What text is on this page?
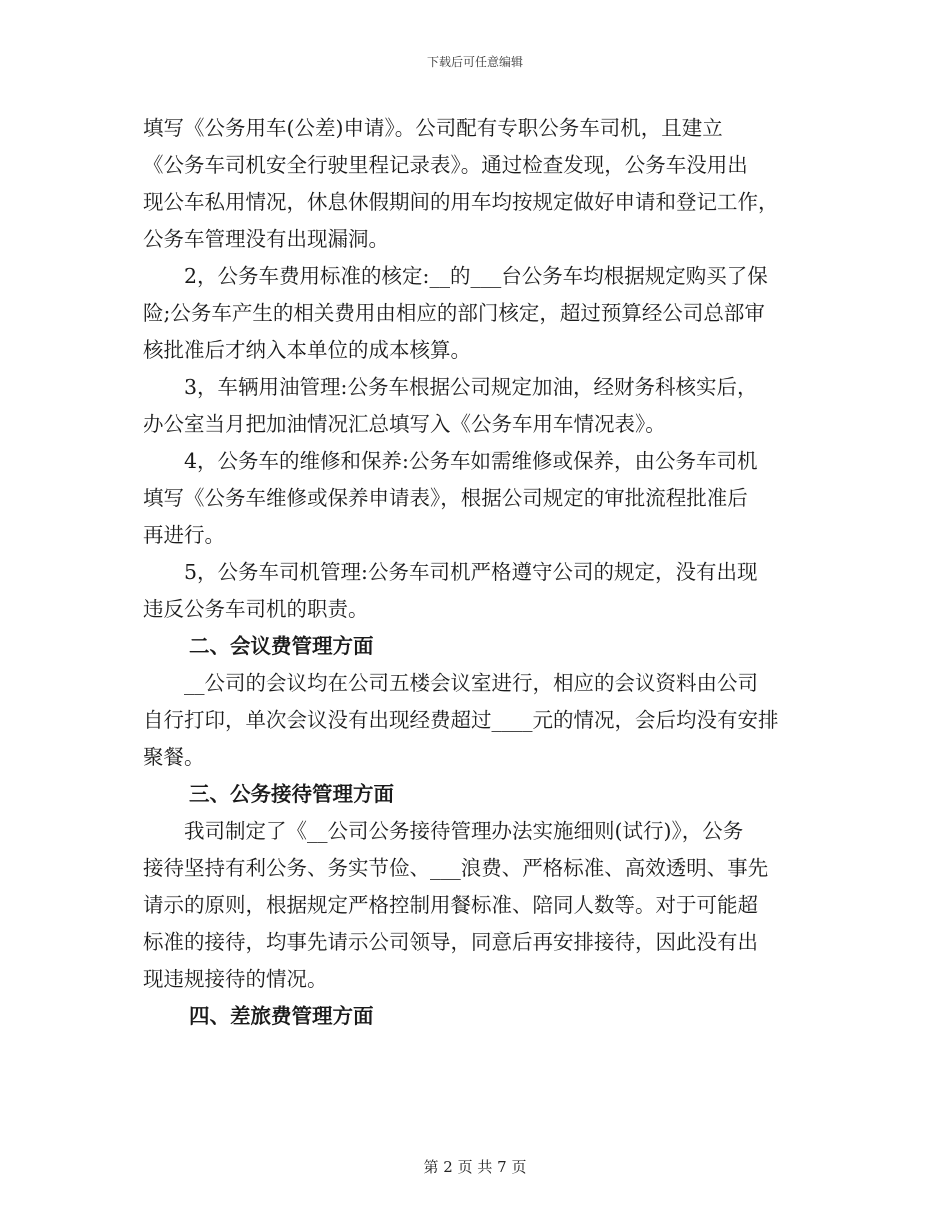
下载后可任意编辑
填写《公务用车(公差)申请》。公司配有专职公务车司机，且建立
《公务车司机安全行驶里程记录表》。通过检查发现，公务车没用出
现公车私用情况，休息休假期间的用车均按规定做好申请和登记工作，
公务车管理没有出现漏洞。
　　2，公务车费用标准的核定:__的___台公务车均根据规定购买了保
险;公务车产生的相关费用由相应的部门核定，超过预算经公司总部审
核批准后才纳入本单位的成本核算。
　　3，车辆用油管理:公务车根据公司规定加油，经财务科核实后，
办公室当月把加油情况汇总填写入《公务车用车情况表》。
　　4，公务车的维修和保养:公务车如需维修或保养，由公务车司机
填写《公务车维修或保养申请表》，根据公司规定的审批流程批准后
再进行。
　　5，公务车司机管理:公务车司机严格遵守公司的规定，没有出现
违反公务车司机的职责。
二、会议费管理方面
　　__公司的会议均在公司五楼会议室进行，相应的会议资料由公司
自行打印，单次会议没有出现经费超过____元的情况，会后均没有安排
聚餐。
三、公务接待管理方面
　　我司制定了《__公司公务接待管理办法实施细则(试行)》，公务
接待坚持有利公务、务实节俭、___浪费、严格标准、高效透明、事先
请示的原则，根据规定严格控制用餐标准、陪同人数等。对于可能超
标准的接待，均事先请示公司领导，同意后再安排接待，因此没有出
现违规接待的情况。
四、差旅费管理方面
第 2 页 共 7 页
